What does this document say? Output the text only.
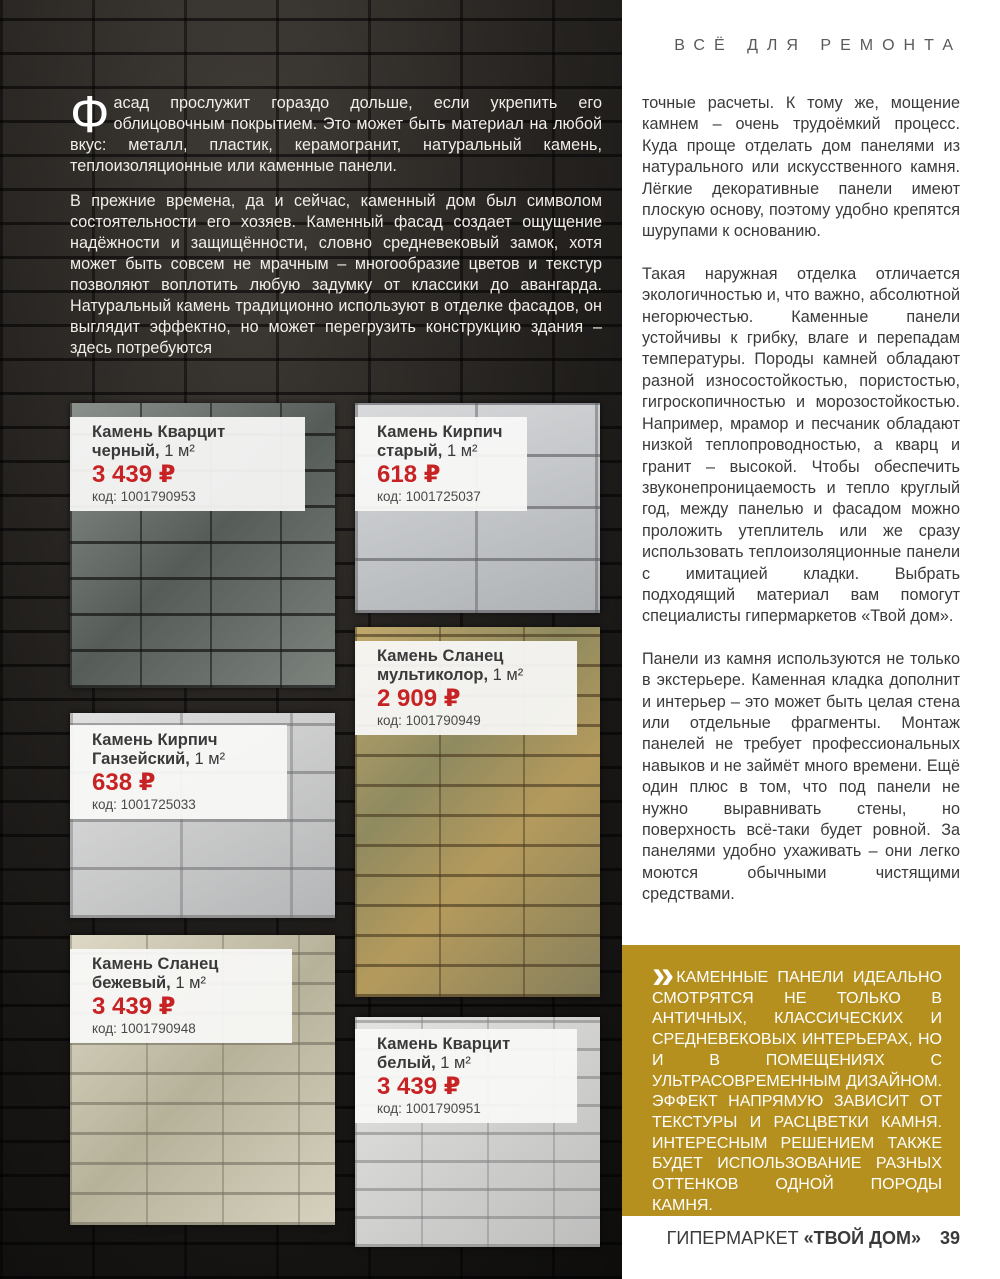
Фасад прослужит гораздо дольше, если укрепить его облицовочным покрытием. Это может быть материал на любой вкус: металл, пластик, керамогранит, натуральный камень, теплоизоляционные или каменные панели.

В прежние времена, да и сейчас, каменный дом был символом состоятельности его хозяев. Каменный фасад создает ощущение надёжности и защищённости, словно средневековый замок, хотя может быть совсем не мрачным – многообразие цветов и текстур позволяют воплотить любую задумку от классики до авангарда. Натуральный камень традиционно используют в отделке фасадов, он выглядит эффектно, но может перегрузить конструкцию здания – здесь потребуются

Камень Кварцит черный, 1 м²
3 439 ₽
код: 1001790953
Камень Кирпич старый, 1 м²
618 ₽
код: 1001725037
Камень Сланец мультиколор, 1 м²
2 909 ₽
код: 1001790949
Камень Кирпич Ганзейский, 1 м²
638 ₽
код: 1001725033
Камень Сланец бежевый, 1 м²
3 439 ₽
код: 1001790948
Камень Кварцит белый, 1 м²
3 439 ₽
код: 1001790951
ВСЁ ДЛЯ РЕМОНТА

точные расчеты. К тому же, мощение камнем – очень трудоёмкий процесс. Куда проще отделать дом панелями из натурального или искусственного камня. Лёгкие декоративные панели имеют плоскую основу, поэтому удобно крепятся шурупами к основанию.

Такая наружная отделка отличается экологичностью и, что важно, абсолютной негорючестью. Каменные панели устойчивы к грибку, влаге и перепадам температуры. Породы камней обладают разной износостойкостью, пористостью, гигроскопичностью и морозостойкостью. Например, мрамор и песчаник обладают низкой теплопроводностью, а кварц и гранит – высокой. Чтобы обеспечить звуконепроницаемость и тепло круглый год, между панелью и фасадом можно проложить утеплитель или же сразу использовать теплоизоляционные панели с имитацией кладки. Выбрать подходящий материал вам помогут специалисты гипермаркетов «Твой дом».

Панели из камня используются не только в экстерьере. Каменная кладка дополнит и интерьер – это может быть целая стена или отдельные фрагменты. Монтаж панелей не требует профессиональных навыков и не займёт много времени. Ещё один плюс в том, что под панели не нужно выравнивать стены, но поверхность всё-таки будет ровной. За панелями удобно ухаживать – они легко моются обычными чистящими средствами.

» КАМЕННЫЕ ПАНЕЛИ ИДЕАЛЬНО СМОТРЯТСЯ НЕ ТОЛЬКО В АНТИЧНЫХ, КЛАССИЧЕСКИХ И СРЕДНЕВЕКОВЫХ ИНТЕРЬЕРАХ, НО И В ПОМЕЩЕНИЯХ С УЛЬТРАСОВРЕМЕННЫМ ДИЗАЙНОМ. ЭФФЕКТ НАПРЯМУЮ ЗАВИСИТ ОТ ТЕКСТУРЫ И РАСЦВЕТКИ КАМНЯ. ИНТЕРЕСНЫМ РЕШЕНИЕМ ТАКЖЕ БУДЕТ ИСПОЛЬЗОВАНИЕ РАЗНЫХ ОТТЕНКОВ ОДНОЙ ПОРОДЫ КАМНЯ.
ГИПЕРМАРКЕТ «ТВОЙ ДОМ» 39
